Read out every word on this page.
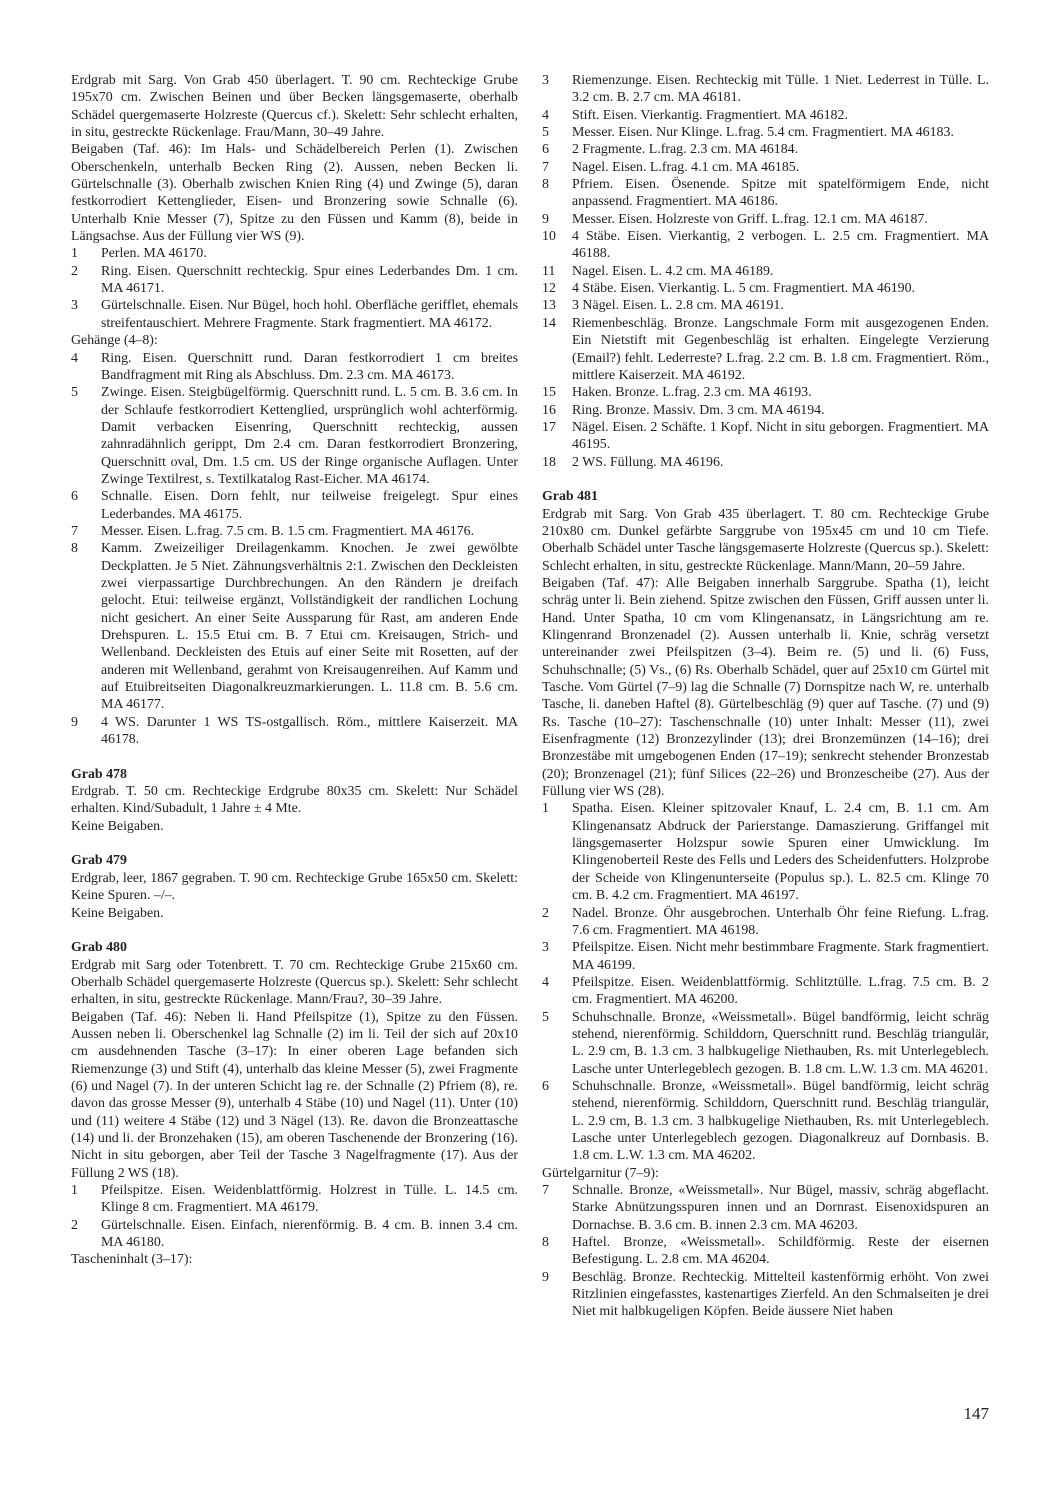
Erdgrab mit Sarg. Von Grab 450 überlagert. T. 90 cm. Rechteckige Grube 195x70 cm. Zwischen Beinen und über Becken längsgemaserte, oberhalb Schädel quergemaserte Holzreste (Quercus cf.). Skelett: Sehr schlecht erhalten, in situ, gestreckte Rückenlage. Frau/Mann, 30–49 Jahre.

Beigaben (Taf. 46): Im Hals- und Schädelbereich Perlen (1). Zwischen Oberschenkeln, unterhalb Becken Ring (2). Aussen, neben Becken li. Gürtelschnalle (3). Oberhalb zwischen Knien Ring (4) und Zwinge (5), daran festkorrodiert Kettenglieder, Eisen- und Bronzering sowie Schnalle (6). Unterhalb Knie Messer (7), Spitze zu den Füssen und Kamm (8), beide in Längsachse. Aus der Füllung vier WS (9).

1	Perlen. MA 46170.
2	Ring. Eisen. Querschnitt rechteckig. Spur eines Lederbandes Dm. 1 cm. MA 46171.
3	Gürtelschnalle. Eisen. Nur Bügel, hoch hohl. Oberfläche gerifflet, ehemals streifentauschiert. Mehrere Fragmente. Stark fragmentiert. MA 46172.

Gehänge (4–8):

4	Ring. Eisen. Querschnitt rund. Daran festkorrodiert 1 cm breites Bandfragment mit Ring als Abschluss. Dm. 2.3 cm. MA 46173.
5	Zwinge. Eisen. Steigbügelförmig. Querschnitt rund. L. 5 cm. B. 3.6 cm. In der Schlaufe festkorrodiert Kettenglied, ursprünglich wohl achterförmig. Damit verbacken Eisenring, Querschnitt rechteckig, aussen zahnradähnlich gerippt, Dm 2.4 cm. Daran festkorrodiert Bronzering, Querschnitt oval, Dm. 1.5 cm. US der Ringe organische Auflagen. Unter Zwinge Textilrest, s. Textilkatalog Rast-Eicher. MA 46174.
6	Schnalle. Eisen. Dorn fehlt, nur teilweise freigelegt. Spur eines Lederbandes. MA 46175.
7	Messer. Eisen. L.frag. 7.5 cm. B. 1.5 cm. Fragmentiert. MA 46176.
8	Kamm. Zweizeiliger Dreilagenkamm. Knochen. Je zwei gewölbte Deckplatten. Je 5 Niet. Zähnungsverhältnis 2:1. Zwischen den Deckleisten zwei vierpassartige Durchbrechungen. An den Rändern je dreifach gelocht. Etui: teilweise ergänzt, Vollständigkeit der randlichen Lochung nicht gesichert. An einer Seite Aussparung für Rast, am anderen Ende Drehspuren. L. 15.5 Etui cm. B. 7 Etui cm. Kreisaugen, Strich- und Wellenband. Deckleisten des Etuis auf einer Seite mit Rosetten, auf der anderen mit Wellenband, gerahmt von Kreisaugenreihen. Auf Kamm und auf Etuibreitseiten Diagonalkreuzmarkierungen. L. 11.8 cm. B. 5.6 cm. MA 46177.
9	4 WS. Darunter 1 WS TS-ostgallisch. Röm., mittlere Kaiserzeit. MA 46178.

Grab 478

Erdgrab. T. 50 cm. Rechteckige Erdgrube 80x35 cm. Skelett: Nur Schädel erhalten. Kind/Subadult, 1 Jahre ± 4 Mte.

Keine Beigaben.

Grab 479

Erdgrab, leer, 1867 gegraben. T. 90 cm. Rechteckige Grube 165x50 cm. Skelett: Keine Spuren. –/–.

Keine Beigaben.

Grab 480

Erdgrab mit Sarg oder Totenbrett. T. 70 cm. Rechteckige Grube 215x60 cm. Oberhalb Schädel quergemaserte Holzreste (Quercus sp.). Skelett: Sehr schlecht erhalten, in situ, gestreckte Rückenlage. Mann/Frau?, 30–39 Jahre.

Beigaben (Taf. 46): Neben li. Hand Pfeilspitze (1), Spitze zu den Füssen. Aussen neben li. Oberschenkel lag Schnalle (2) im li. Teil der sich auf 20x10 cm ausdehnenden Tasche (3–17): In einer oberen Lage befanden sich Riemenzunge (3) und Stift (4), unterhalb das kleine Messer (5), zwei Fragmente (6) und Nagel (7). In der unteren Schicht lag re. der Schnalle (2) Pfriem (8), re. davon das grosse Messer (9), unterhalb 4 Stäbe (10) und Nagel (11). Unter (10) und (11) weitere 4 Stäbe (12) und 3 Nägel (13). Re. davon die Bronzeattasche (14) und li. der Bronzehaken (15), am oberen Taschenende der Bronzering (16). Nicht in situ geborgen, aber Teil der Tasche 3 Nagelfragmente (17). Aus der Füllung 2 WS (18).

1	Pfeilspitze. Eisen. Weidenblattförmig. Holzrest in Tülle. L. 14.5 cm. Klinge 8 cm. Fragmentiert. MA 46179.
2	Gürtelschnalle. Eisen. Einfach, nierenförmig. B. 4 cm. B. innen 3.4 cm. MA 46180.

Tascheninhalt (3–17):

3	Riemenzunge. Eisen. Rechteckig mit Tülle. 1 Niet. Lederrest in Tülle. L. 3.2 cm. B. 2.7 cm. MA 46181.
4	Stift. Eisen. Vierkantig. Fragmentiert. MA 46182.
5	Messer. Eisen. Nur Klinge. L.frag. 5.4 cm. Fragmentiert. MA 46183.
6	2 Fragmente. L.frag. 2.3 cm. MA 46184.
7	Nagel. Eisen. L.frag. 4.1 cm. MA 46185.
8	Pfriem. Eisen. Ösenende. Spitze mit spatelförmigem Ende, nicht anpassend. Fragmentiert. MA 46186.
9	Messer. Eisen. Holzreste von Griff. L.frag. 12.1 cm. MA 46187.
10	4 Stäbe. Eisen. Vierkantig, 2 verbogen. L. 2.5 cm. Fragmentiert. MA 46188.
11	Nagel. Eisen. L. 4.2 cm. MA 46189.
12	4 Stäbe. Eisen. Vierkantig. L. 5 cm. Fragmentiert. MA 46190.
13	3 Nägel. Eisen. L. 2.8 cm. MA 46191.
14	Riemenbeschläg. Bronze. Langschmale Form mit ausgezogenen Enden. Ein Nietstift mit Gegenbeschläg ist erhalten. Eingelegte Verzierung (Email?) fehlt. Lederreste? L.frag. 2.2 cm. B. 1.8 cm. Fragmentiert. Röm., mittlere Kaiserzeit. MA 46192.
15	Haken. Bronze. L.frag. 2.3 cm. MA 46193.
16	Ring. Bronze. Massiv. Dm. 3 cm. MA 46194.
17	Nägel. Eisen. 2 Schäfte. 1 Kopf. Nicht in situ geborgen. Fragmentiert. MA 46195.
18	2 WS. Füllung. MA 46196.

Grab 481

Erdgrab mit Sarg. Von Grab 435 überlagert. T. 80 cm. Rechteckige Grube 210x80 cm. Dunkel gefärbte Sarggrube von 195x45 cm und 10 cm Tiefe. Oberhalb Schädel unter Tasche längsgemaserte Holzreste (Quercus sp.). Skelett: Schlecht erhalten, in situ, gestreckte Rückenlage. Mann/Mann, 20–59 Jahre.

Beigaben (Taf. 47): Alle Beigaben innerhalb Sarggrube. Spatha (1), leicht schräg unter li. Bein ziehend. Spitze zwischen den Füssen, Griff aussen unter li. Hand. Unter Spatha, 10 cm vom Klingenansatz, in Längsrichtung am re. Klingenrand Bronzenadel (2). Aussen unterhalb li. Knie, schräg versetzt untereinander zwei Pfeilspitzen (3–4). Beim re. (5) und li. (6) Fuss, Schuhschnalle; (5) Vs., (6) Rs. Oberhalb Schädel, quer auf 25x10 cm Gürtel mit Tasche. Vom Gürtel (7–9) lag die Schnalle (7) Dornspitze nach W, re. unterhalb Tasche, li. daneben Haftel (8). Gürtelbeschläg (9) quer auf Tasche. (7) und (9) Rs. Tasche (10–27): Taschenschnalle (10) unter Inhalt: Messer (11), zwei Eisenfragmente (12) Bronzezylinder (13); drei Bronzemünzen (14–16); drei Bronzestäbe mit umgebogenen Enden (17–19); senkrecht stehender Bronzestab (20); Bronzenagel (21); fünf Silices (22–26) und Bronzescheibe (27). Aus der Füllung vier WS (28).

1	Spatha. Eisen. Kleiner spitzovaler Knauf, L. 2.4 cm, B. 1.1 cm. Am Klingenansatz Abdruck der Parierstange. Damaszierung. Griffangel mit längsgemaserter Holzspur sowie Spuren einer Umwicklung. Im Klingenoberteil Reste des Fells und Leders des Scheidenfutters. Holzprobe der Scheide von Klingenunterseite (Populus sp.). L. 82.5 cm. Klinge 70 cm. B. 4.2 cm. Fragmentiert. MA 46197.
2	Nadel. Bronze. Öhr ausgebrochen. Unterhalb Öhr feine Riefung. L.frag. 7.6 cm. Fragmentiert. MA 46198.
3	Pfeilspitze. Eisen. Nicht mehr bestimmbare Fragmente. Stark fragmentiert. MA 46199.
4	Pfeilspitze. Eisen. Weidenblattförmig. Schlitztülle. L.frag. 7.5 cm. B. 2 cm. Fragmentiert. MA 46200.
5	Schuhschnalle. Bronze, «Weissmetall». Bügel bandförmig, leicht schräg stehend, nierenförmig. Schilddorn, Querschnitt rund. Beschläg triangulär, L. 2.9 cm, B. 1.3 cm. 3 halbkugelige Niethauben, Rs. mit Unterlegeblech. Lasche unter Unterlegeblech gezogen. B. 1.8 cm. L.W. 1.3 cm. MA 46201.
6	Schuhschnalle. Bronze, «Weissmetall». Bügel bandförmig, leicht schräg stehend, nierenförmig. Schilddorn, Querschnitt rund. Beschläg triangulär, L. 2.9 cm, B. 1.3 cm. 3 halbkugelige Niethauben, Rs. mit Unterlegeblech. Lasche unter Unterlegeblech gezogen. Diagonalkreuz auf Dornbasis. B. 1.8 cm. L.W. 1.3 cm. MA 46202.

Gürtelgarnitur (7–9):

7	Schnalle. Bronze, «Weissmetall». Nur Bügel, massiv, schräg abgeflacht. Starke Abnützungsspuren innen und an Dornrast. Eisenoxidspuren an Dornachse. B. 3.6 cm. B. innen 2.3 cm. MA 46203.
8	Haftel. Bronze, «Weissmetall». Schildförmig. Reste der eisernen Befestigung. L. 2.8 cm. MA 46204.
9	Beschläg. Bronze. Rechteckig. Mittelteil kastenförmig erhöht. Von zwei Ritzlinien eingefasstes, kastenartiges Zierfeld. An den Schmalseiten je drei Niet mit halbkugeligen Köpfen. Beide äussere Niet haben
147
